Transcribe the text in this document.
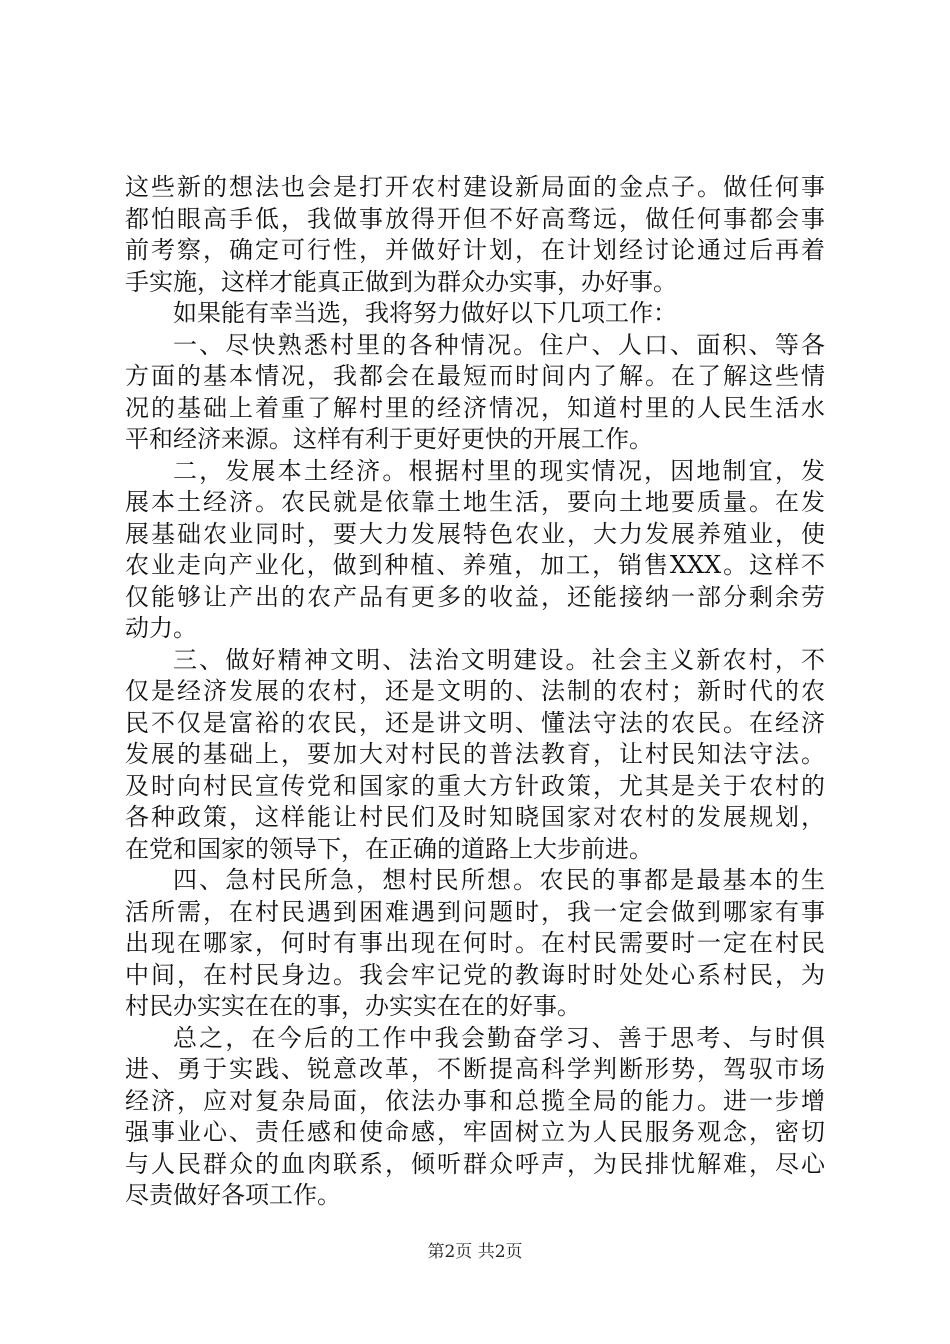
这些新的想法也会是打开农村建设新局面的金点子。做任何事
都怕眼高手低，我做事放得开但不好高骛远，做任何事都会事
前考察，确定可行性，并做好计划，在计划经讨论通过后再着
手实施，这样才能真正做到为群众办实事，办好事。
如果能有幸当选，我将努力做好以下几项工作：
一、尽快熟悉村里的各种情况。住户、人口、面积、等各
方面的基本情况，我都会在最短而时间内了解。在了解这些情
况的基础上着重了解村里的经济情况，知道村里的人民生活水
平和经济来源。这样有利于更好更快的开展工作。
二，发展本土经济。根据村里的现实情况，因地制宜，发
展本土经济。农民就是依靠土地生活，要向土地要质量。在发
展基础农业同时，要大力发展特色农业，大力发展养殖业，使
农业走向产业化，做到种植、养殖，加工，销售XXX。这样不
仅能够让产出的农产品有更多的收益，还能接纳一部分剩余劳
动力。
三、做好精神文明、法治文明建设。社会主义新农村，不
仅是经济发展的农村，还是文明的、法制的农村；新时代的农
民不仅是富裕的农民，还是讲文明、懂法守法的农民。在经济
发展的基础上，要加大对村民的普法教育，让村民知法守法。
及时向村民宣传党和国家的重大方针政策，尤其是关于农村的
各种政策，这样能让村民们及时知晓国家对农村的发展规划，
在党和国家的领导下，在正确的道路上大步前进。
四、急村民所急，想村民所想。农民的事都是最基本的生
活所需，在村民遇到困难遇到问题时，我一定会做到哪家有事
出现在哪家，何时有事出现在何时。在村民需要时一定在村民
中间，在村民身边。我会牢记党的教诲时时处处心系村民，为
村民办实实在在的事，办实实在在的好事。
总之，在今后的工作中我会勤奋学习、善于思考、与时俱
进、勇于实践、锐意改革，不断提高科学判断形势，驾驭市场
经济，应对复杂局面，依法办事和总揽全局的能力。进一步增
强事业心、责任感和使命感，牢固树立为人民服务观念，密切
与人民群众的血肉联系，倾听群众呼声，为民排忧解难，尽心
尽责做好各项工作。
第2页 共2页
